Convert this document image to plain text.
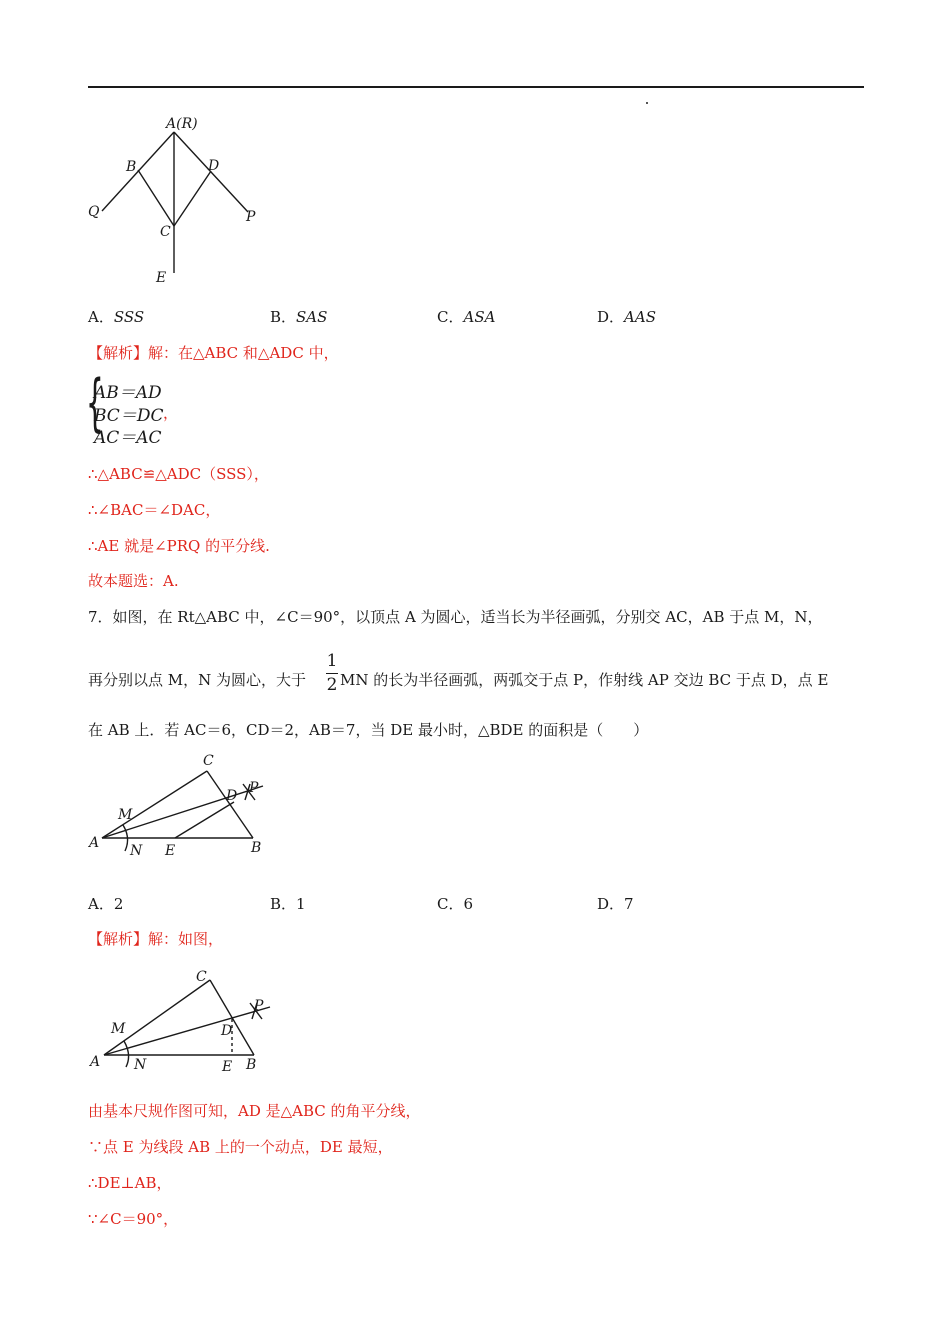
A(R)
B	D
Q
C
P
E
A．SSS	B．SAS	C．ASA	D．AAS
【解析】解：在△ABC 和△ADC 中，
{
AB＝AD
BC＝DC ，
AC＝AC
∴△ABC≌△ADC（SSS），
∴∠BAC＝∠DAC，
∴AE 就是∠PRQ 的平分线.
故本题选：A.
7．如图，在 Rt△ABC 中，∠C＝90°，以顶点 A 为圆心，适当长为半径画弧，分别交 AC，AB 于点 M，N，
再分别以点 M，N 为圆心，大于
1
2 MN 的长为半径画弧，两弧交于点 P，作射线 AP 交边 BC 于点 D，点 E
在 AB 上．若 AC＝6，CD＝2，AB＝7，当 DE 最小时，△BDE 的面积是（　　）
C
P
D
M
A N E	B
A．2	B．1	C．6	D．7
【解析】解：如图，
C
P
M	D
A N	E B
由基本尺规作图可知，AD 是△ABC 的角平分线，
∵点 E 为线段 AB 上的一个动点，DE 最短，
∴DE⊥AB，
∵∠C＝90°，
